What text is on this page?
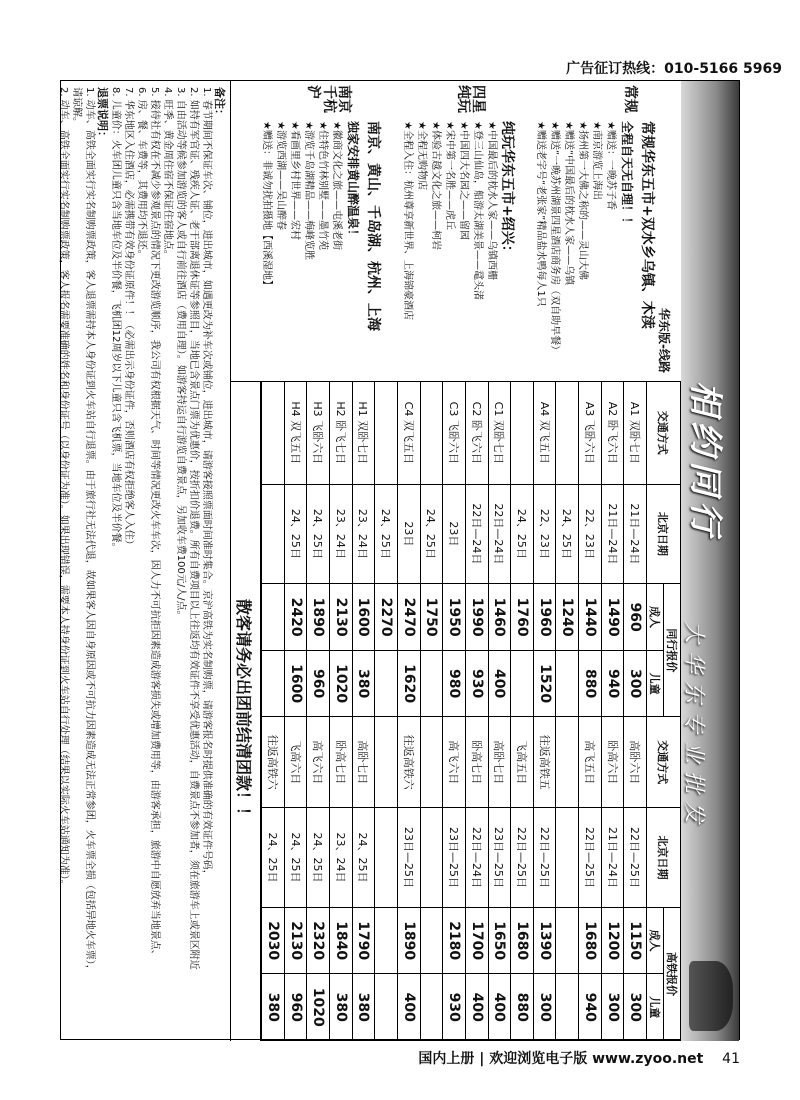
广告征订热线：010-5166 5969
相约同行
大华东专业批发
华东版-线路
常规
常规华东五市+双水乡乌镇、木渎
全程自天无自理！！
★赠送：一晚苏子香
★南京游览上海出
★扬州第一大佛之称的——灵山大佛
★赠送“中国最后的枕水人家——乌镇
★赠送“一晚苏州湖景四星酒店商务房（双自助早餐）
★赠送老字号“老张家”精品盐水鸭每人1只
四星纯玩
纯玩华东五市+绍兴：
★中国最后的枕水人家——乌镇西栅
★登三山仙岛，船游太湖美景——鼋头渚
★中国四大名园之——留园
★宋中第一名胜——虎丘
★体验古越文化之旅——柯岩
★全程无购物店
★全程入住：杭州尊享新世界、上海锦豪酒店
南京千杭沪
南京、黄山、千岛湖、杭州、上海
独家安排黄山醉温泉！
★徽商文化之旅——屯溪老街
★住特色竹林别墅——墨竹苑
★游览千岛湖精品——梅峰览胜
★看画里乡村世界——宏村
★游览西湖——吴山醉春
★赠送：非诚勿扰拍摄地【西溪湿地】
交通方式	北京日期	同行报价		交通方式	北京日期	高铁报价	
		成人	儿童			成人	儿童
A1 双卧七日	21日—24日	960	300	高卧六日	22日—25日	1150	300
A2 卧飞六日	21日—24日	1490	940	卧高六日	21日—24日	1200	300
A3 飞卧六日	22、23日	1440	880	高飞五日	22日—25日	1680	940
	24、25日	1240					
A4 双飞五日	22、23日	1960	1520	往返高铁五	22日—25日	1390	300
	24、25日	1760		飞高五日	22日—25日	1680	880
C1 双卧七日	22日—24日	1460	400	高卧七日	23日—25日	1650	400
C2 卧飞六日	22日—24日	1990	930	卧高七日	22日—24日	1700	400
C3 飞卧六日	23日	1950	980	高飞六日	23日—25日	2180	930
	24、25日	1750					
C4 双飞五日	23日	2470	1620	往返高铁六	23日—25日	1890	400
	24、25日	2270					
H1 双卧七日	23、24日	1600	380	高卧七日	24、25日	1790	380
H2 卧飞七日	23、24日	2130	1020	卧高七日	23、24日	1840	380
H3 飞卧六日	24、25日	1890	960	高飞六日	24、25日	2320	1020
H4 双飞五日	24、25日	2420	1600	飞高六日	24、25日	2130	960
				往返高铁六	24、25日	2030	380
散客请务必出团前结清团款！！
备注：

1. 春节期间不保证车次、铺位，进出城市，如遇更改为补车次或铺位，进出城市，请游客接照票面时间准时集合。京沪高铁为实名制购票，请游客报名时提供准确的有效证件号码，

2. 如持有军官证、残疾人证、老干部离退休证等参照目，当地已含景点门票为优惠价，按折扣价退费。所有自费项目以上往返均有效证件不享受优惠活动，自费景点不参加者，须在旅游车上或景区附近

3. 自由活动等候参加游览的客人或自行前往酒店（费用自理）。如游客持运自行游览自费景点，另加收车费100元/人/点。

4. 旺季、黄金周住宿不保证住宿地点。

5. 接待社有权在不减少参观景点的情况下更改游览顺序，我公司有权根据天气、时间等情况更改火车车次，因人力不可抗拒因素造成游客损失或增加费用等，由游客承担，旅游中自愿放弃当地景点、

6. 房、餐、车费等，其费用均不退还。

7. 华东地区入住酒店，必需携带有效身份证原件！！（必需出示身份证件，否则酒店有权拒绝客人入住）

8. 儿童价：火车团儿童只含当地车位及半价餐，飞机团12周岁以下儿童只含飞机票，当地车位及半价餐。

退票说明：

1. 动车、高铁全面实行实名制购票政策，客人退票需持本人身份证到火车站自行退票。由于旅行社无法代退，故如果客人因自身原因或不可抗力因素造成无法正常参团，火车票全损（包括异地火车票），

请谅解。

2. 动车、高铁全面实行实名制购票政策，客人报名需要准确的姓名和身份证号（以身份证为准）。如果出现错误，需要本人持身份证到火车站自行处理（结果以实际火车站通知为准）。

国内上册 | 欢迎浏览电子版 www.zyoo.net 41
